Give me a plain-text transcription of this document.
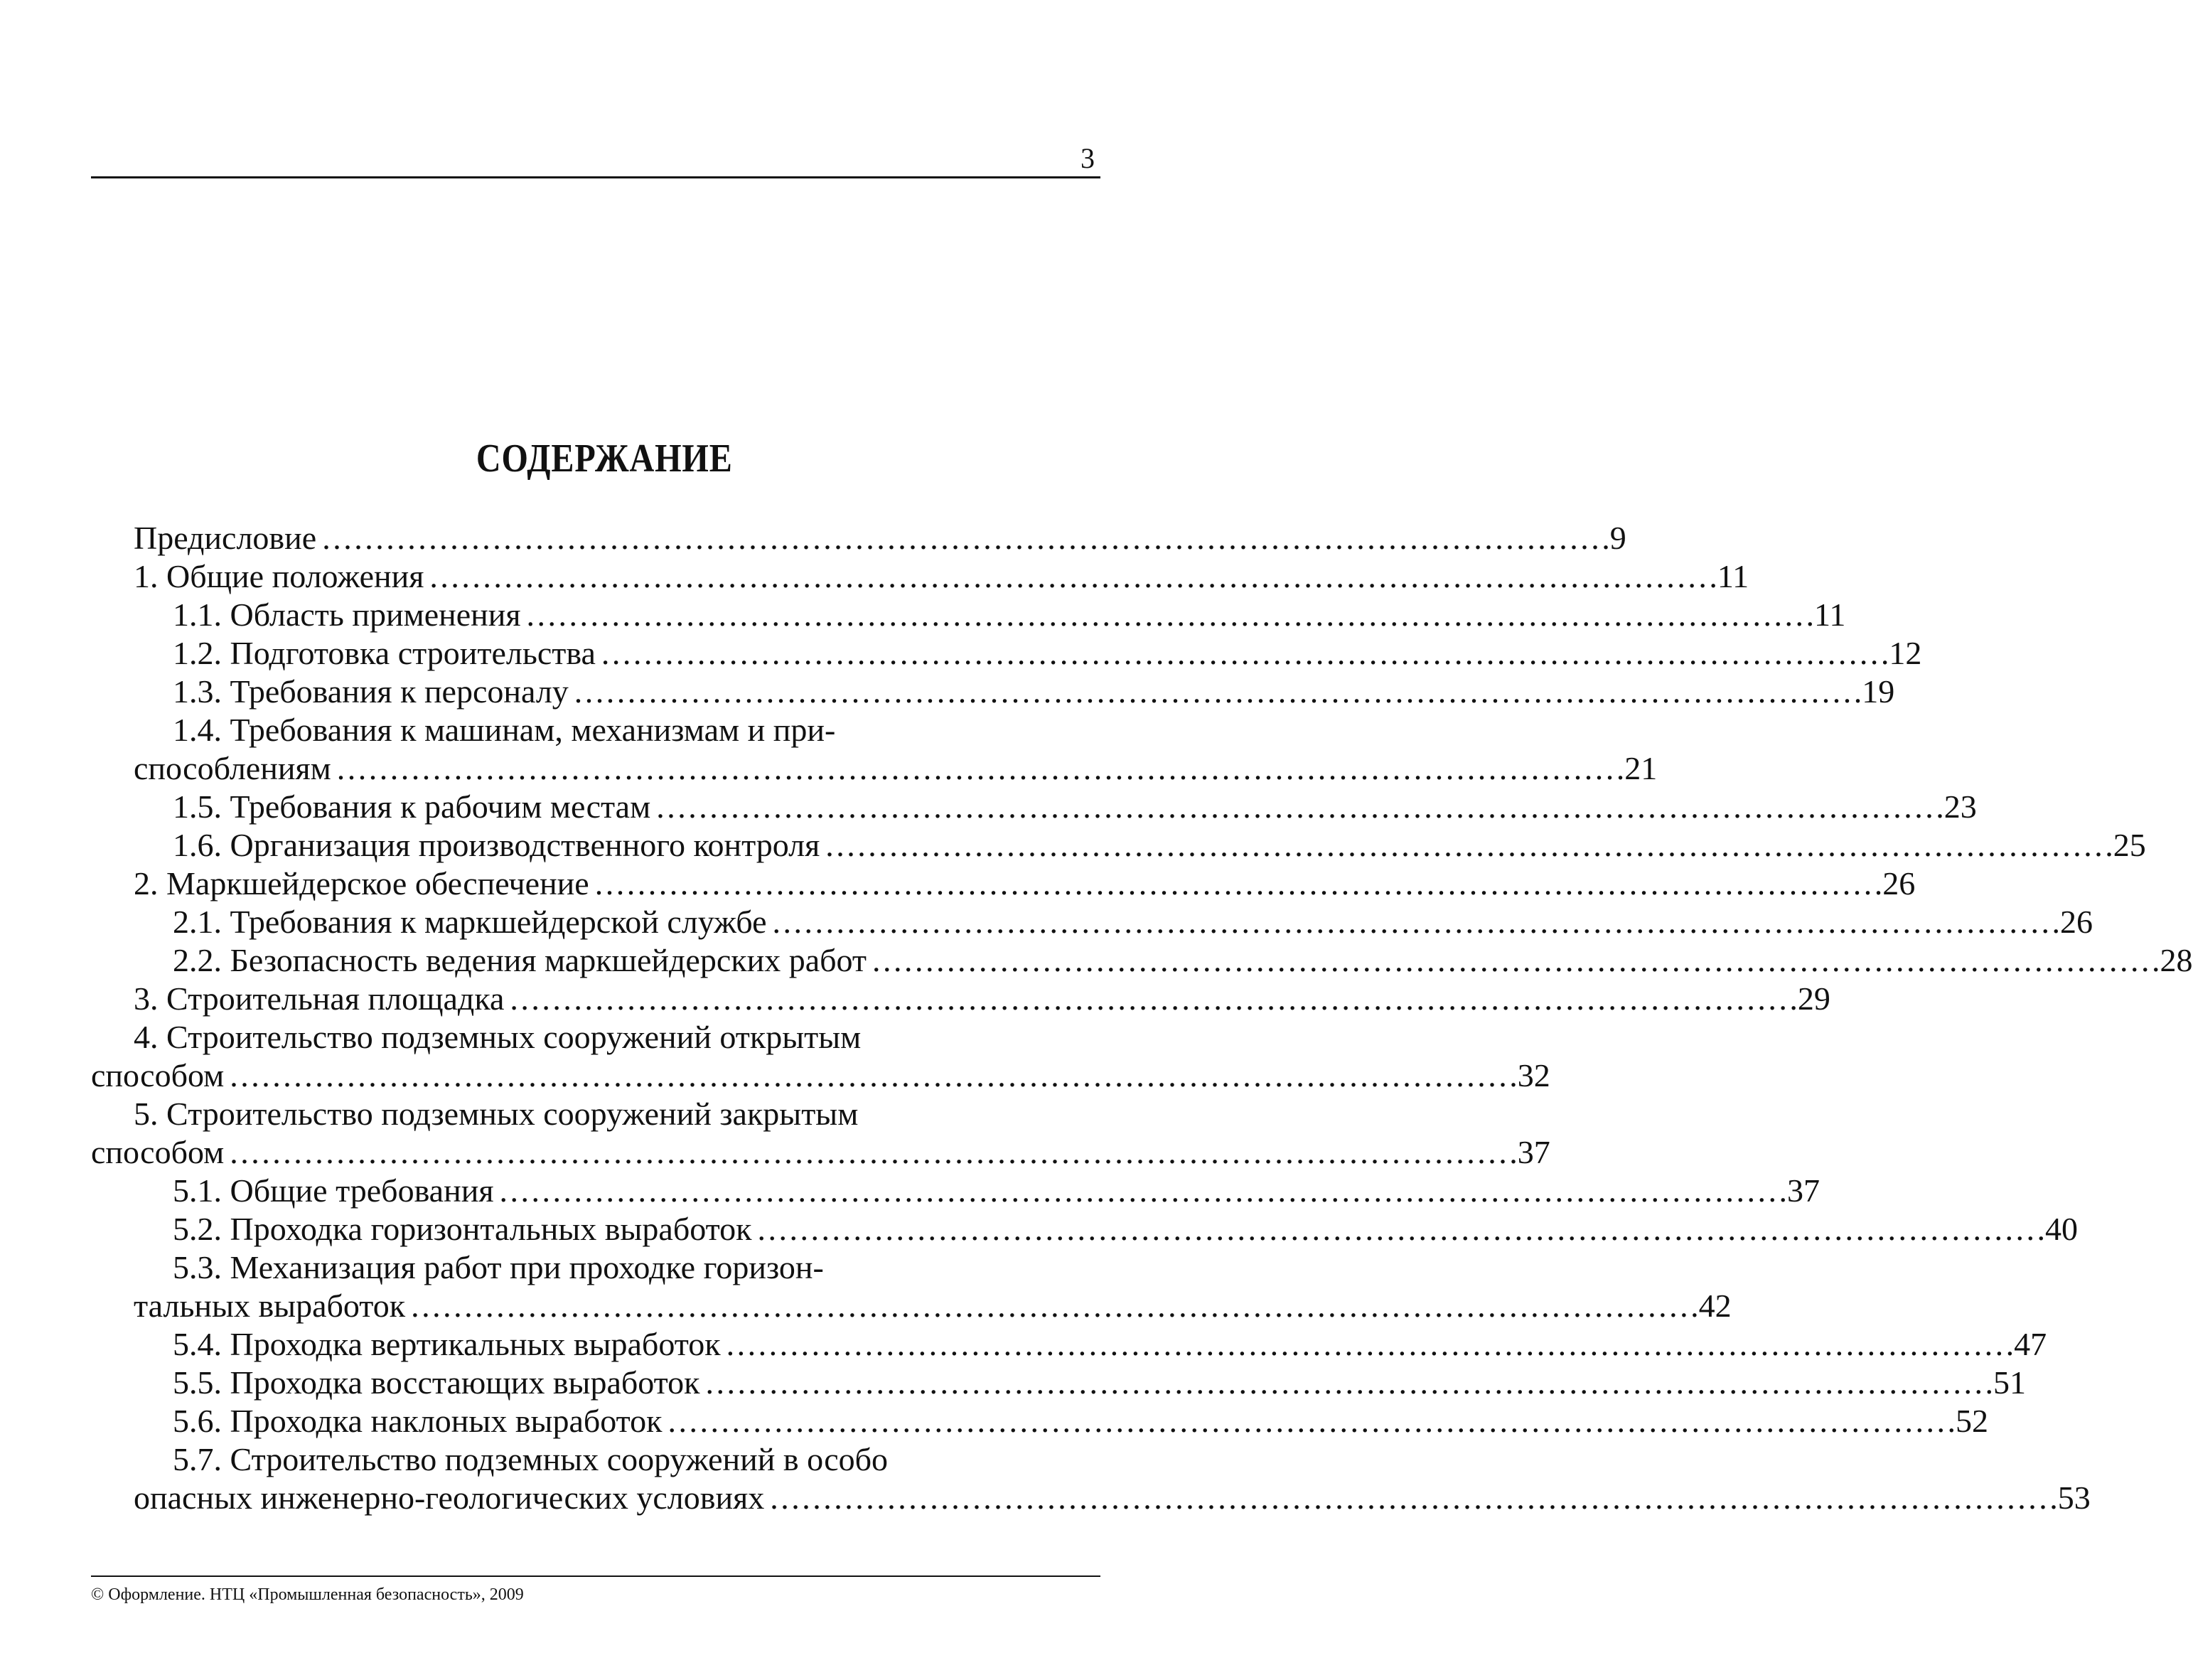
3
СОДЕРЖАНИЕ
Предисловие . . .	9
1. Общие положения . . .	11
1.1. Область применения . . .	11
1.2. Подготовка строительства . . .	12
1.3. Требования к персоналу . . .	19
1.4. Требования к машинам, механизмам и при-
способлениям . . .	21
1.5. Требования к рабочим местам . . .	23
1.6. Организация производственного контроля . . .	25
2. Маркшейдерское обеспечение . . .	26
2.1. Требования к маркшейдерской службе . . .	26
2.2. Безопасность ведения маркшейдерских работ . . .	28
3. Строительная площадка . . .	29
4. Строительство подземных сооружений открытым
способом . . .	32
5. Строительство подземных сооружений закрытым
способом . . .	37
5.1. Общие требования . . .	37
5.2. Проходка горизонтальных выработок . . .	40
5.3. Механизация работ при проходке горизон-
тальных выработок . . .	42
5.4. Проходка вертикальных выработок . . .	47
5.5. Проходка восстающих выработок . . .	51
5.6. Проходка наклоных выработок . . .	52
5.7. Строительство подземных сооружений в особо
опасных инженерно-геологических условиях . . .	53
© Оформление. НТЦ «Промышленная безопасность», 2009
